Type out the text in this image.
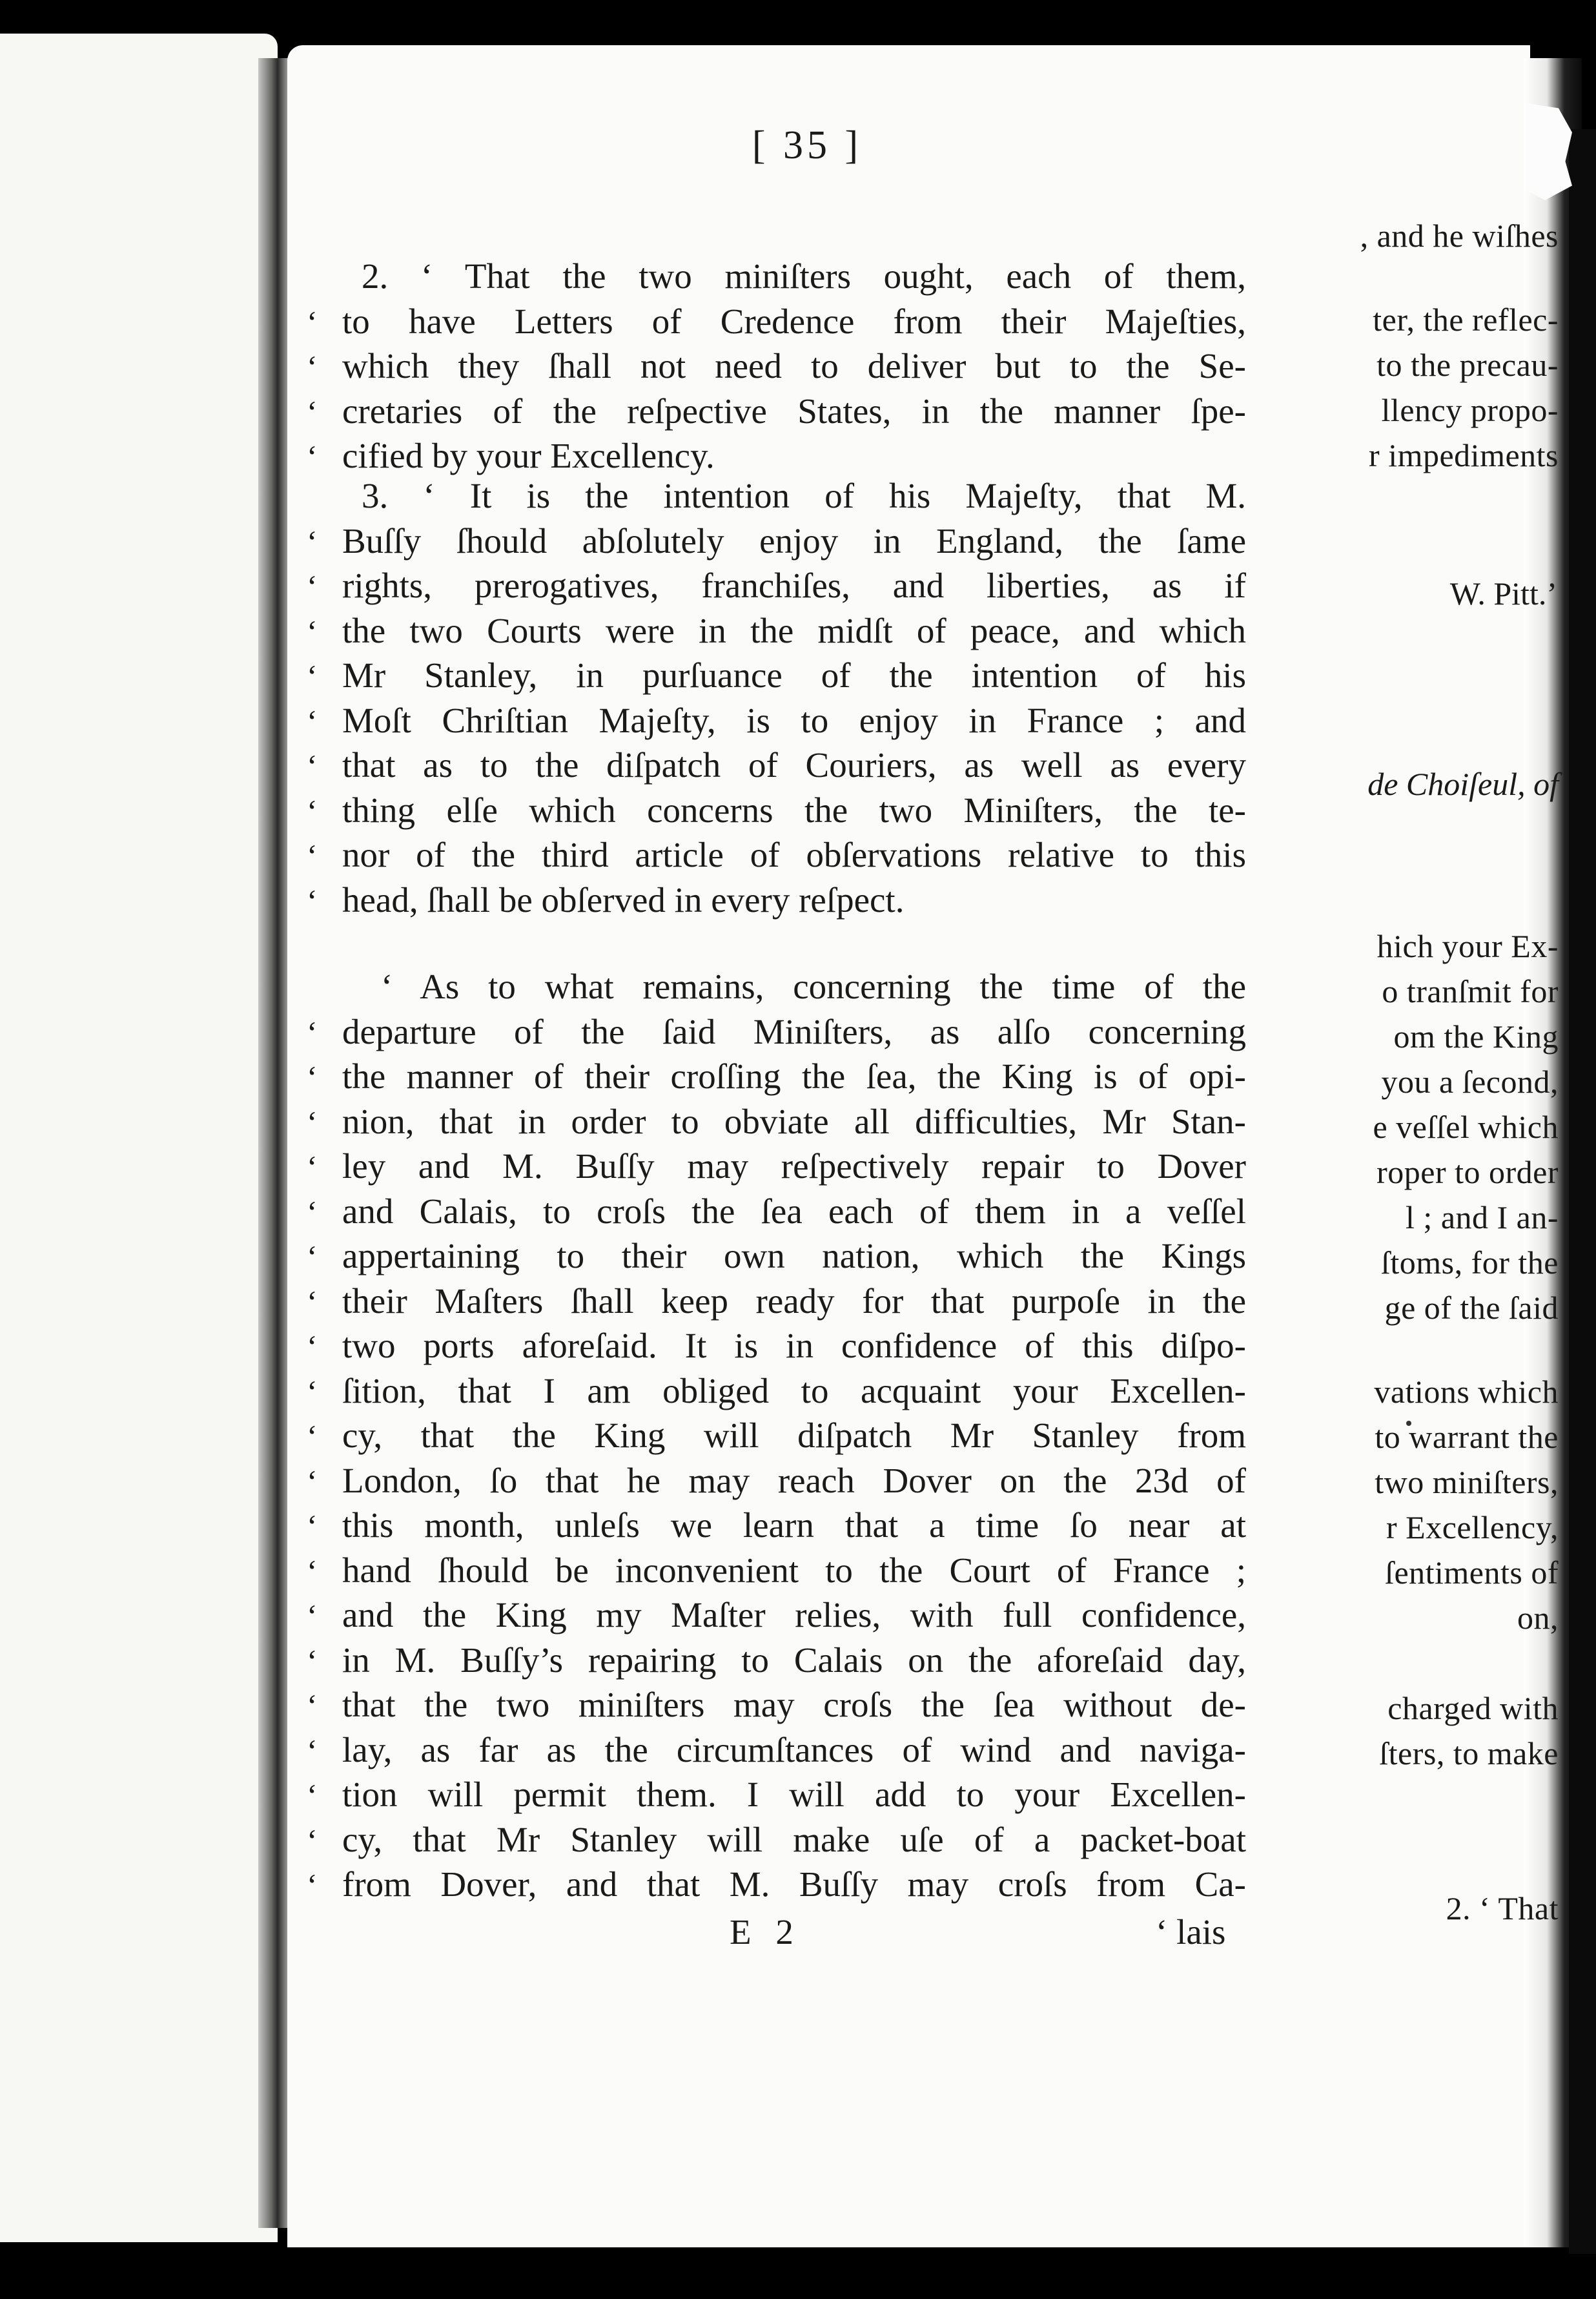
[ 35 ]
W. Pitt.’
de Choiſeul, of
2. ‘ That
E 2	‘ lais
, and he wiſhes
ter, the reflec-
to the precau-
llency propo-
r impediments
hich your Ex-
o tranſmit for
om the King
you a ſecond,
e veſſel which
roper to order
l ; and I an-
ſtoms, for the
ge of the ſaid
vations which
to warrant the
two miniſters,
r Excellency,
ſentiments of
on,
charged with
ſters, to make
2. ‘ That the two miniſters ought, each of them,
‘ to have Letters of Credence from their Majeſties,
‘ which they ſhall not need to deliver but to the Se-
‘ cretaries of the reſpective States, in the manner ſpe-
‘ cified by your Excellency.
3. ‘ It is the intention of his Majeſty, that M.
‘ Buſſy ſhould abſolutely enjoy in England, the ſame
‘ rights, prerogatives, franchiſes, and liberties, as if
‘ the two Courts were in the midſt of peace, and which
‘ Mr Stanley, in purſuance of the intention of his
‘ Moſt Chriſtian Majeſty, is to enjoy in France ; and
‘ that as to the diſpatch of Couriers, as well as every
‘ thing elſe which concerns the two Miniſters, the te-
‘ nor of the third article of obſervations relative to this
‘ head, ſhall be obſerved in every reſpect.
‘ As to what remains, concerning the time of the
‘ departure of the ſaid Miniſters, as alſo concerning
‘ the manner of their croſſing the ſea, the King is of opi-
‘ nion, that in order to obviate all difficulties, Mr Stan-
‘ ley and M. Buſſy may reſpectively repair to Dover
‘ and Calais, to croſs the ſea each of them in a veſſel
‘ appertaining to their own nation, which the Kings
‘ their Maſters ſhall keep ready for that purpoſe in the
‘ two ports aforeſaid. It is in confidence of this diſpo-
‘ ſition, that I am obliged to acquaint your Excellen-
‘ cy, that the King will diſpatch Mr Stanley from
‘ London, ſo that he may reach Dover on the 23d of
‘ this month, unleſs we learn that a time ſo near at
‘ hand ſhould be inconvenient to the Court of France ;
‘ and the King my Maſter relies, with full confidence,
‘ in M. Buſſy’s repairing to Calais on the aforeſaid day,
‘ that the two miniſters may croſs the ſea without de-
‘ lay, as far as the circumſtances of wind and naviga-
‘ tion will permit them. I will add to your Excellen-
‘ cy, that Mr Stanley will make uſe of a packet-boat
‘ from Dover, and that M. Buſſy may croſs from Ca-
